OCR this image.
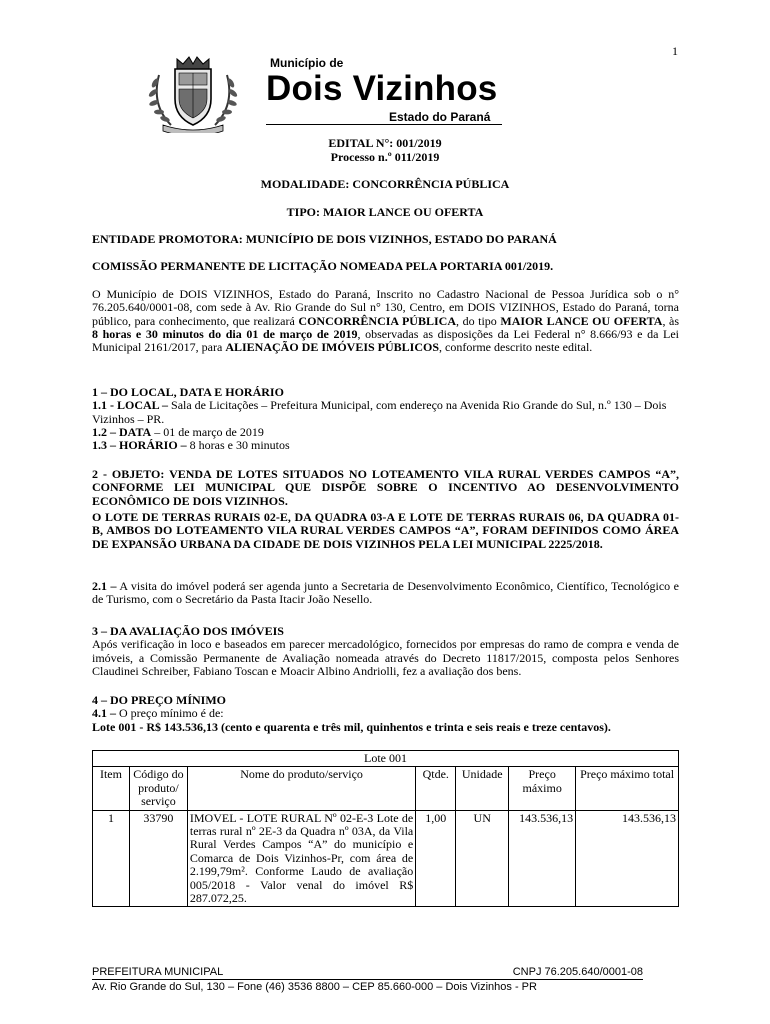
1
Município de
Dois Vizinhos
Estado do Paraná
EDITAL N°: 001/2019
Processo n.º 011/2019
MODALIDADE: CONCORRÊNCIA PÚBLICA
TIPO: MAIOR LANCE OU OFERTA
ENTIDADE PROMOTORA: MUNICÍPIO DE DOIS VIZINHOS, ESTADO DO PARANÁ
COMISSÃO PERMANENTE DE LICITAÇÃO NOMEADA PELA PORTARIA 001/2019.
O Município de DOIS VIZINHOS, Estado do Paraná, Inscrito no Cadastro Nacional de Pessoa Jurídica sob o n° 76.205.640/0001-08, com sede à Av. Rio Grande do Sul n° 130, Centro, em DOIS VIZINHOS, Estado do Paraná, torna público, para conhecimento, que realizará CONCORRÊNCIA PÚBLICA, do tipo MAIOR LANCE OU OFERTA, às 8 horas e 30 minutos do dia 01 de março de 2019, observadas as disposições da Lei Federal n° 8.666/93 e da Lei Municipal 2161/2017, para ALIENAÇÃO DE IMÓVEIS PÚBLICOS, conforme descrito neste edital.
1 – DO LOCAL, DATA E HORÁRIO
1.1 - LOCAL – Sala de Licitações – Prefeitura Municipal, com endereço na Avenida Rio Grande do Sul, n.º 130 – Dois Vizinhos – PR.
1.2 – DATA – 01 de março de 2019
1.3 – HORÁRIO – 8 horas e 30 minutos
2 - OBJETO: VENDA DE LOTES SITUADOS NO LOTEAMENTO VILA RURAL VERDES CAMPOS “A”, CONFORME LEI MUNICIPAL QUE DISPÕE SOBRE O INCENTIVO AO DESENVOLVIMENTO ECONÔMICO DE DOIS VIZINHOS.
O LOTE DE TERRAS RURAIS 02-E, DA QUADRA 03-A E LOTE DE TERRAS RURAIS 06, DA QUADRA 01-B, AMBOS DO LOTEAMENTO VILA RURAL VERDES CAMPOS “A”, FORAM DEFINIDOS COMO ÁREA DE EXPANSÃO URBANA DA CIDADE DE DOIS VIZINHOS PELA LEI MUNICIPAL 2225/2018.
2.1 – A visita do imóvel poderá ser agenda junto a Secretaria de Desenvolvimento Econômico, Científico, Tecnológico e de Turismo, com o Secretário da Pasta Itacir João Nesello.
3 – DA AVALIAÇÃO DOS IMÓVEIS
Após verificação in loco e baseados em parecer mercadológico, fornecidos por empresas do ramo de compra e venda de imóveis, a Comissão Permanente de Avaliação nomeada através do Decreto 11817/2015, composta pelos Senhores Claudinei Schreiber, Fabiano Toscan e Moacir Albino Andriolli, fez a avaliação dos bens.
4 – DO PREÇO MÍNIMO
4.1 – O preço mínimo é de:
Lote 001 - R$ 143.536,13 (cento e quarenta e três mil, quinhentos e trinta e seis reais e treze centavos).
Lote 001						
Item	Código do produto/ serviço	Nome do produto/serviço	Qtde.	Unidade	Preço máximo	Preço máximo total
1	33790	IMOVEL - LOTE RURAL Nº 02-E-3 Lote de terras rural nº 2E-3 da Quadra nº 03A, da Vila Rural Verdes Campos “A” do município e Comarca de Dois Vizinhos-Pr, com área de 2.199,79m². Conforme Laudo de avaliação 005/2018 - Valor venal do imóvel R$ 287.072,25.	1,00	UN	143.536,13	143.536,13
PREFEITURA MUNICIPAL	CNPJ 76.205.640/0001-08
Av. Rio Grande do Sul, 130 – Fone (46) 3536 8800 – CEP 85.660-000 – Dois Vizinhos - PR
